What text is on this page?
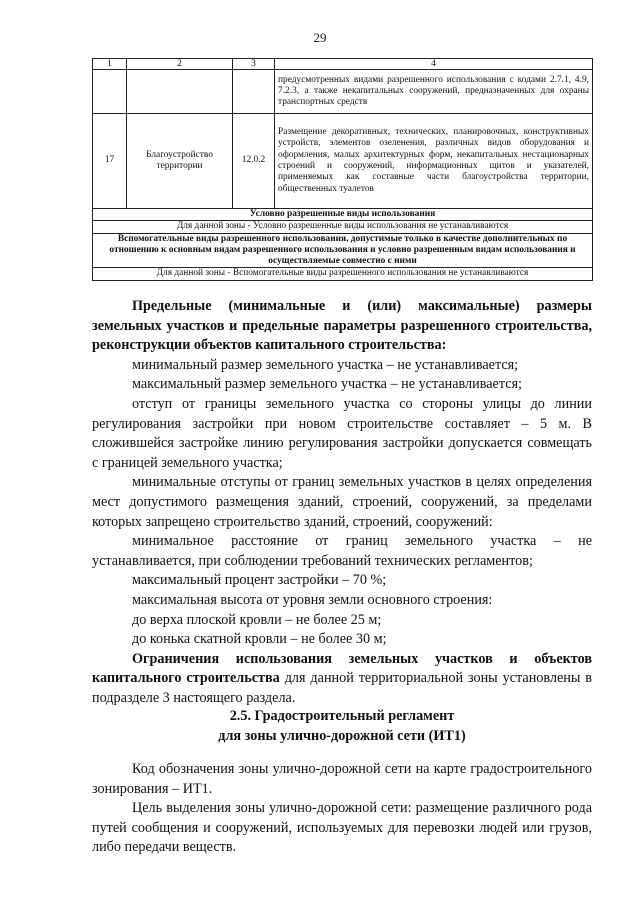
29
1	2	3	4
			предусмотренных видами разрешенного использования с кодами 2.7.1, 4.9, 7.2.3, а также некапитальных сооружений, предназначенных для охраны транспортных средств
17	Благоустройство территории	12.0.2	Размещение декоративных, технических, планировочных, конструктивных устройств, элементов озеленения, различных видов оборудования и оформления, малых архитектурных форм, некапитальных нестационарных строений и сооружений, информационных щитов и указателей, применяемых как составные части благоустройства территории, общественных туалетов
Условно разрешенные виды использования			
Для данной зоны - Условно разрешенные виды использования не устанавливаются			
Вспомогательные виды разрешенного использования, допустимые только в качестве дополнительных по отношению к основным видам разрешенного использования и условно разрешенным видам использования и осуществляемые совместно с ними			
Для данной зоны - Вспомогательные виды разрешенного использования не устанавливаются			

Предельные (минимальные и (или) максимальные) размеры земельных участков и предельные параметры разрешенного строительства, реконструкции объектов капитального строительства:

минимальный размер земельного участка – не устанавливается;

максимальный размер земельного участка – не устанавливается;

отступ от границы земельного участка со стороны улицы до линии регулирования застройки при новом строительстве составляет – 5 м. В сложившейся застройке линию регулирования застройки допускается совмещать с границей земельного участка;

минимальные отступы от границ земельных участков в целях определения мест допустимого размещения зданий, строений, сооружений, за пределами которых запрещено строительство зданий, строений, сооружений:

минимальное расстояние от границ земельного участка – не устанавливается, при соблюдении требований технических регламентов;

максимальный процент застройки – 70 %;

максимальная высота от уровня земли основного строения:

до верха плоской кровли – не более 25 м;

до конька скатной кровли – не более 30 м;

Ограничения использования земельных участков и объектов капитального строительства для данной территориальной зоны установлены в подразделе 3 настоящего раздела.

2.5. Градостроительный регламент
для зоны улично-дорожной сети (ИТ1)

Код обозначения зоны улично-дорожной сети на карте градостроительного зонирования – ИТ1.

Цель выделения зоны улично-дорожной сети: размещение различного рода путей сообщения и сооружений, используемых для перевозки людей или грузов, либо передачи веществ.
